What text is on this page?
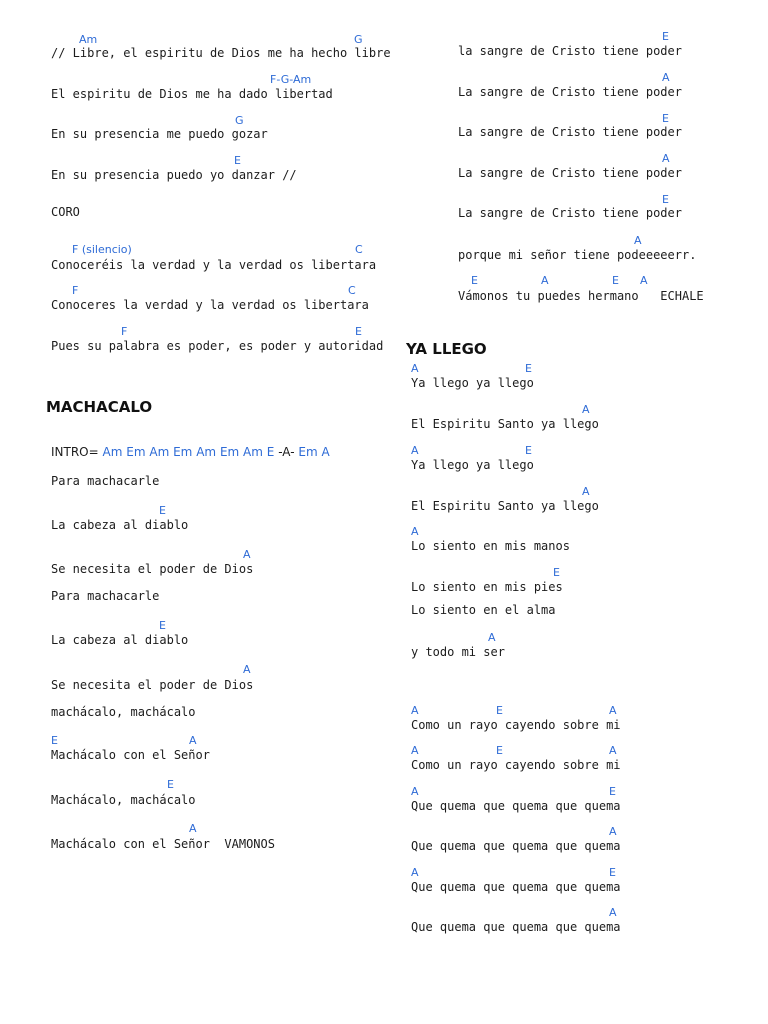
Am	G
// Libre, el espiritu de Dios me ha hecho libre
F-G-Am
El espiritu de Dios me ha dado libertad
G
En su presencia me puedo gozar
E
En su presencia puedo yo danzar //
CORO
F (silencio)	C
Conoceréis la verdad y la verdad os libertara
F	C
Conoceres la verdad y la verdad os libertara
F	E
Pues su palabra es poder, es poder y autoridad
MACHACALO
INTRO= Am Em Am Em Am Em Am E -A- Em A
Para machacarle
E
La cabeza al diablo
A
Se necesita el poder de Dios
Para machacarle
E
La cabeza al diablo
A
Se necesita el poder de Dios
machácalo, machácalo
E	A
Machácalo con el Señor
E
Machácalo, machácalo
A
Machácalo con el Señor  VAMONOS
E
la sangre de Cristo tiene poder
A
La sangre de Cristo tiene poder
E
La sangre de Cristo tiene poder
A
La sangre de Cristo tiene poder
E
La sangre de Cristo tiene poder
A
porque mi señor tiene podeeeeerr.
E	A	E A
Vámonos tu puedes hermano   ECHALE
YA LLEGO
A	E
Ya llego ya llego
A
El Espiritu Santo ya llego
A	E
Ya llego ya llego
A
El Espiritu Santo ya llego
A
Lo siento en mis manos
E
Lo siento en mis pies
Lo siento en el alma
A
y todo mi ser
A	E	A
Como un rayo cayendo sobre mi
A	E	A
Como un rayo cayendo sobre mi
A	E
Que quema que quema que quema
A
Que quema que quema que quema
A	E
Que quema que quema que quema
A
Que quema que quema que quema
